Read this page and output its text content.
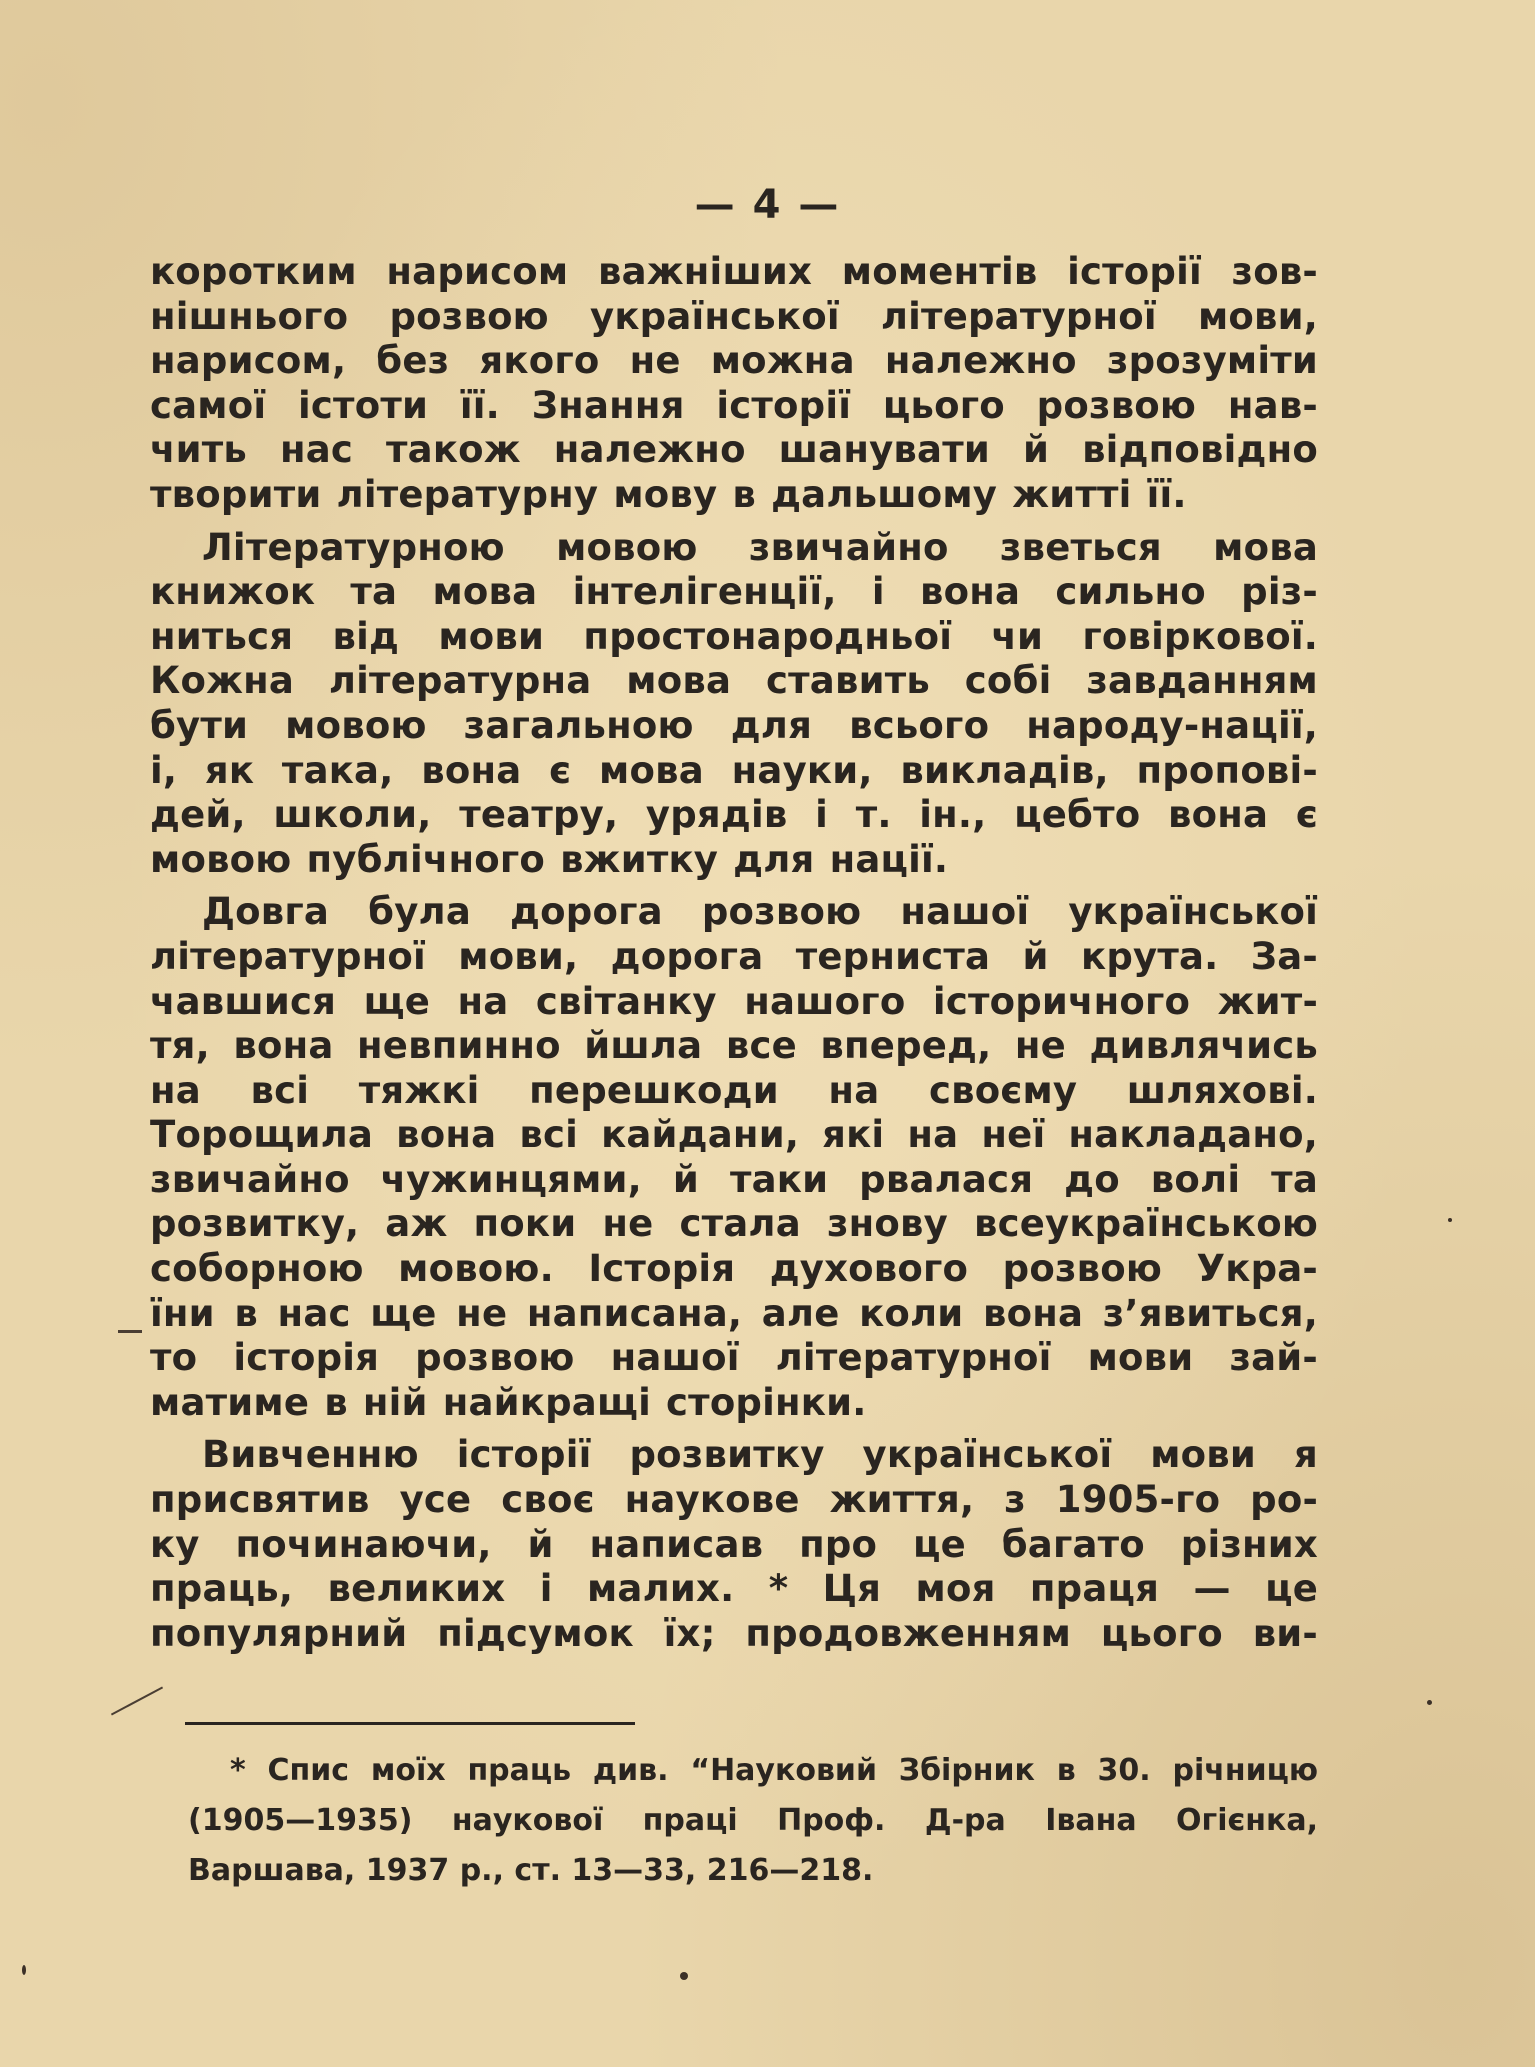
— 4 —
коротким нарисом важніших моментів історії зов-
нішнього розвою української літературної мови,
нарисом, без якого не можна належно зрозуміти
самої істоти її. Знання історії цього розвою нав-
чить нас також належно шанувати й відповідно
творити літературну мову в дальшому житті її.
Літературною мовою звичайно зветься мова
книжок та мова інтелігенції, і вона сильно різ-
ниться від мови простонародньої чи говіркової.
Кожна літературна мова ставить собі завданням
бути мовою загальною для всього народу-нації,
і, як така, вона є мова науки, викладів, пропові-
дей, школи, театру, урядів і т. ін., цебто вона є
мовою публічного вжитку для нації.
Довга була дорога розвою нашої української
літературної мови, дорога терниста й крута. За-
чавшися ще на світанку нашого історичного жит-
тя, вона невпинно йшла все вперед, не дивлячись
на всі тяжкі перешкоди на своєму шляхові.
Торощила вона всі кайдани, які на неї накладано,
звичайно чужинцями, й таки рвалася до волі та
розвитку, аж поки не стала знову всеукраїнською
соборною мовою. Історія духового розвою Укра-
їни в нас ще не написана, але коли вона з’явиться,
то історія розвою нашої літературної мови зай-
матиме в ній найкращі сторінки.
Вивченню історії розвитку української мови я
присвятив усе своє наукове життя, з 1905-го ро-
ку починаючи, й написав про це багато різних
праць, великих і малих. * Ця моя праця — це
популярний підсумок їх; продовженням цього ви-
* Спис моїх праць див. “Науковий Збірник в 30. річницю
(1905—1935) наукової праці Проф. Д-ра Івана Огієнка,
Варшава, 1937 р., ст. 13—33, 216—218.
